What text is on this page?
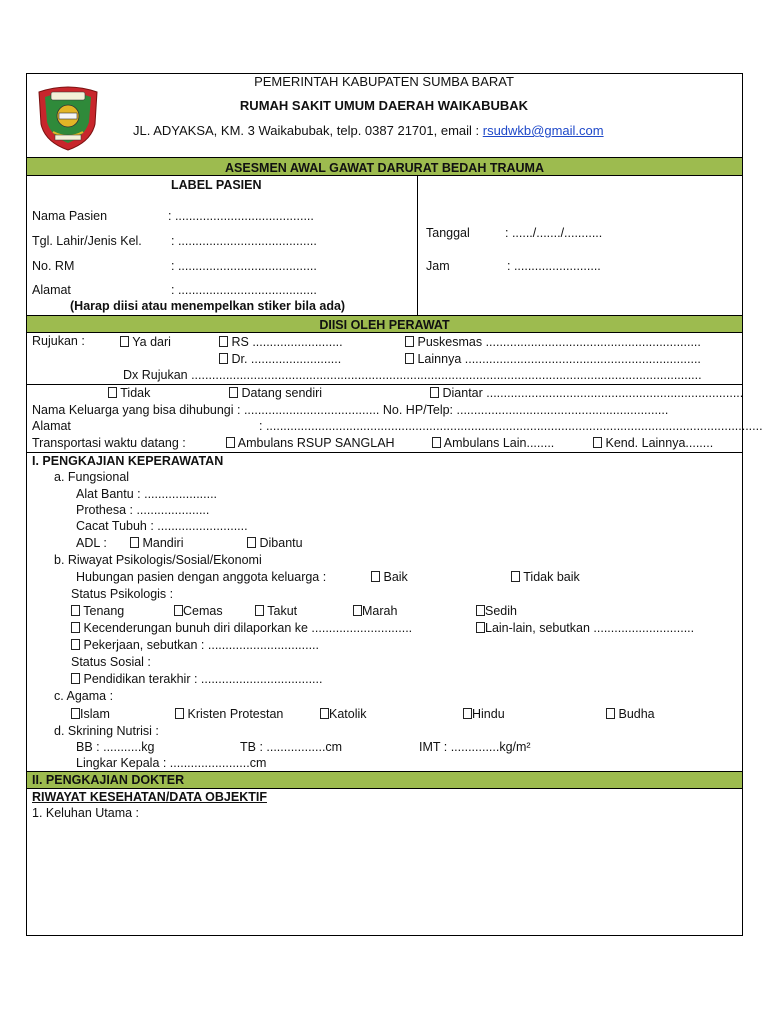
PEMERINTAH KABUPATEN SUMBA BARAT
RUMAH SAKIT UMUM DAERAH WAIKABUBAK
JL. ADYAKSA, KM. 3 Waikabubak, telp. 0387 21701, email : rsudwkb@gmail.com
ASESMEN AWAL GAWAT DARURAT BEDAH TRAUMA
LABEL PASIEN
Nama Pasien	: ........................................
Tgl. Lahir/Jenis Kel. : ........................................
No. RM	: ........................................
Alamat	: ........................................
(Harap diisi atau menempelkan stiker bila ada)
Tanggal	: ....../......./...........
Jam	: .........................
DIISI OLEH PERAWAT
Rujukan :	Ya dari	RS ..........................	Puskesmas ..............................................................
Dr. ..........................	Lainnya ....................................................................
Dx Rujukan ...................................................................................................................................................
Tidak	Datang sendiri	Diantar ..........................................................................
Nama Keluarga yang bisa dihubungi : ....................................... No. HP/Telp: .............................................................
Alamat	: ...............................................................................................................................................
Transportasi waktu datang :	Ambulans RSUP SANGLAH	Ambulans Lain........	Kend. Lainnya........
I. PENGKAJIAN KEPERAWATAN
a. Fungsional
Alat Bantu : .....................
Prothesa : .....................
Cacat Tubuh : ..........................
ADL :	Mandiri	Dibantu
b. Riwayat Psikologis/Sosial/Ekonomi
Hubungan pasien dengan anggota keluarga :	Baik	Tidak baik
Status Psikologis :
Tenang	Cemas	Takut	Marah	Sedih
Kecenderungan bunuh diri dilaporkan ke .............................	Lain-lain, sebutkan .............................
Pekerjaan, sebutkan : ................................
Status Sosial :
Pendidikan terakhir : ...................................
c. Agama :
Islam	Kristen Protestan	Katolik	Hindu	Budha
d. Skrining Nutrisi :
BB : ...........kg	TB : .................cm	IMT : ..............kg/m²
Lingkar Kepala : .......................cm
II. PENGKAJIAN DOKTER
RIWAYAT KESEHATAN/DATA OBJEKTIF
1. Keluhan Utama :
